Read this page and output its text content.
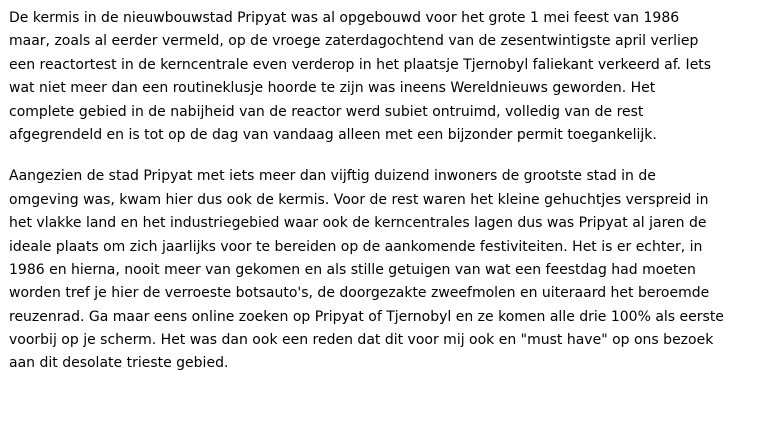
De kermis in de nieuwbouwstad Pripyat was al opgebouwd voor het grote 1 mei feest van 1986
maar, zoals al eerder vermeld, op de vroege zaterdagochtend van de zesentwintigste april verliep
een reactortest in de kerncentrale even verderop in het plaatsje Tjernobyl faliekant verkeerd af. Iets
wat niet meer dan een routineklusje hoorde te zijn was ineens Wereldnieuws geworden. Het
complete gebied in de nabijheid van de reactor werd subiet ontruimd, volledig van de rest
afgegrendeld en is tot op de dag van vandaag alleen met een bijzonder permit toegankelijk.
Aangezien de stad Pripyat met iets meer dan vijftig duizend inwoners de grootste stad in de
omgeving was, kwam hier dus ook de kermis. Voor de rest waren het kleine gehuchtjes verspreid in
het vlakke land en het industriegebied waar ook de kerncentrales lagen dus was Pripyat al jaren de
ideale plaats om zich jaarlijks voor te bereiden op de aankomende festiviteiten. Het is er echter, in
1986 en hierna, nooit meer van gekomen en als stille getuigen van wat een feestdag had moeten
worden tref je hier de verroeste botsauto's, de doorgezakte zweefmolen en uiteraard het beroemde
reuzenrad. Ga maar eens online zoeken op Pripyat of Tjernobyl en ze komen alle drie 100% als eerste
voorbij op je scherm. Het was dan ook een reden dat dit voor mij ook en "must have" op ons bezoek
aan dit desolate trieste gebied.
